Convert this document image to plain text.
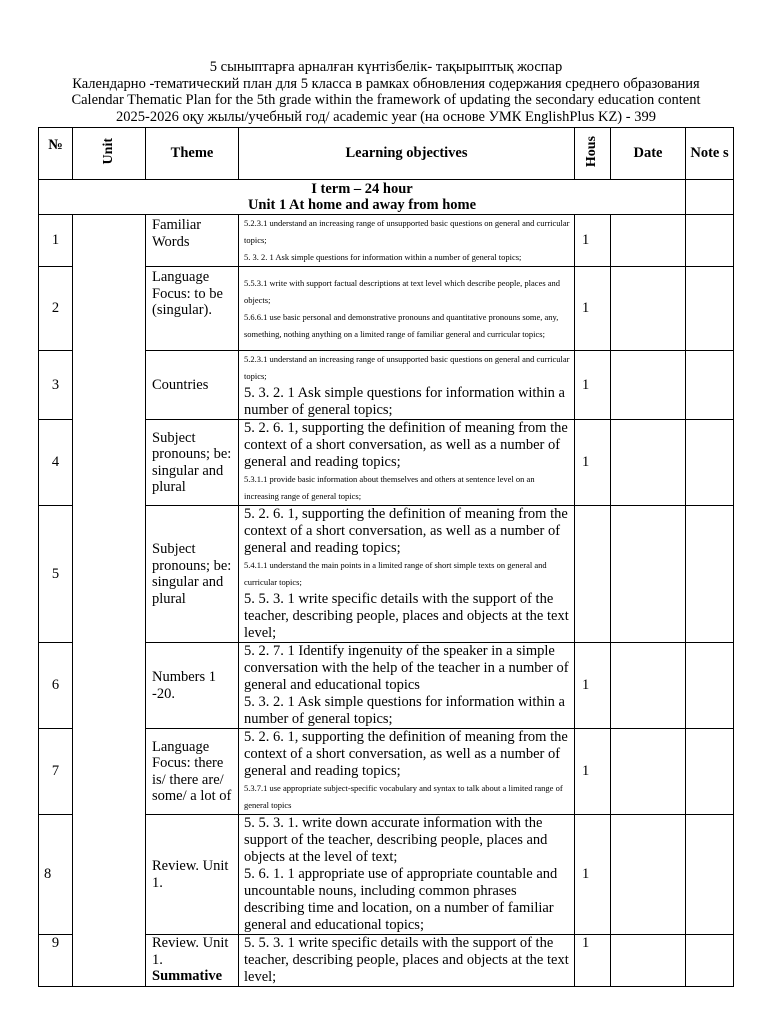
5 сыныптарға арналған күнтізбелік- тақырыптық жоспар
Календарно -тематический план для 5 класса в рамках обновления содержания среднего образования
Calendar Thematic Plan for the 5th grade within the framework of updating the secondary education content
2025-2026 оқу жылы/учебный год/ academic year (на основе УМК EnglishPlus KZ) - 399
№	Unit	Theme	Learning objectives	Hous	Date	Note s

I term – 24 hour
Unit 1 At home and away from home						

1		Familiar Words	5.2.3.1 understand an increasing range of unsupported basic questions on general and curricular topics;
5. 3. 2. 1 Ask simple questions for information within a number of general topics;	1		
2		Language Focus: to be (singular).	5.5.3.1 write with support factual descriptions at text level which describe people, places and objects;
5.6.6.1 use basic personal and demonstrative pronouns and quantitative pronouns some, any, something, nothing anything on a limited range of familiar general and curricular topics;	1		
3		Countries	5.2.3.1 understand an increasing range of unsupported basic questions on general and curricular topics;
5. 3. 2. 1 Ask simple questions for information within a number of general topics;	1		
4		Subject pronouns; be: singular and plural	5. 2. 6. 1, supporting the definition of meaning from the context of a short conversation, as well as a number of general and reading topics;
5.3.1.1 provide basic information about themselves and others at sentence level on an increasing range of general topics;	1		
5		Subject pronouns; be: singular and plural	5. 2. 6. 1, supporting the definition of meaning from the context of a short conversation, as well as a number of general and reading topics;
5.4.1.1 understand the main points in a limited range of short simple texts on general and curricular topics;
5. 5. 3. 1 write specific details with the support of the teacher, describing people, places and objects at the text level;			

6		Numbers 1 -20.	5. 2. 7. 1 Identify ingenuity of the speaker in a simple conversation with the help of the teacher in a number of general and educational topics
5. 3. 2. 1 Ask simple questions for information within a number of general topics;	1		
7		Language Focus: there is/ there are/ some/ a lot of	5. 2. 6. 1, supporting the definition of meaning from the context of a short conversation, as well as a number of general and reading topics;
5.3.7.1 use appropriate subject-specific vocabulary and syntax to talk about a limited range of general topics	1		
8		Review. Unit 1.	5. 5. 3. 1. write down accurate information with the support of the teacher, describing people, places and objects at the level of text;
5. 6. 1. 1 appropriate use of appropriate countable and uncountable nouns, including common phrases describing time and location, on a number of familiar general and educational topics;	1		
9		Review. Unit 1.
Summative	5. 5. 3. 1 write specific details with the support of the teacher, describing people, places and objects at the text level;	1		
